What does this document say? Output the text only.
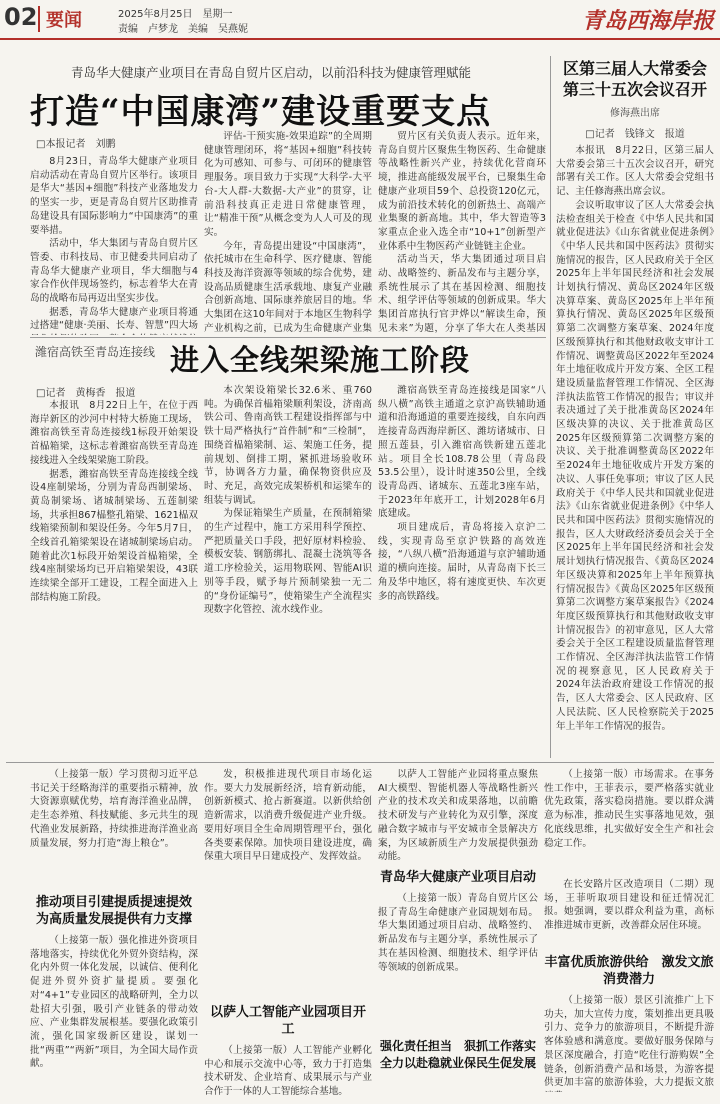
02 要闻	2025年8月25日　星期一
责编　卢梦龙　美编　吴燕妮	青岛西海岸报
青岛华大健康产业项目在青岛自贸片区启动，以前沿科技为健康管理赋能
打造“中国康湾”建设重要支点
□本报记者　刘鹏

8月23日，青岛华大健康产业项目启动活动在青岛自贸片区举行。该项目是华大“基因+细胞”科技产业落地发力的坚实一步，更是青岛自贸片区助推青岛建设具有国际影响力“中国康湾”的重要举措。

活动中，华大集团与青岛自贸片区管委、市科技局、市卫健委共同启动了青岛华大健康产业项目，华大细胞与4家合作伙伴现场签约，标志着华大在青岛的战略布局再迈出坚实步伐。

据悉，青岛华大健康产业项目将通过搭建“健康·美丽、长寿、智慧”四大场

评估-干预实施-效果追踪”的全周期健康管理闭环，将“基因+细胞”科技转化为可感知、可参与、可闭环的健康管理服务。项目致力于实现“大科学-大平台-大人群-大数据-大产业”的贯穿，让前沿科技真正走进日常健康管理，让“精准干预”从概念变为人人可及的现实。

今年，青岛提出建设“中国康湾”，依托城市在生命科学、医疗健康、智能科技及海洋资源等领域的综合优势，建设高品质健康生活承载地、康复产业融合创新高地、国际康养旅居目的地。华大集团在这10年间对于本地区生物科学产业机构之前，已成为生命健康产业集

贸片区有关负责人表示。近年来，青岛自贸片区聚焦生物医药、生命健康等战略性新兴产业，持续优化营商环境，推进高能级发展平台，已聚集生命健康产业项目59个、总投资120亿元，成为前沿技术转化的创新热土、高端产业集聚的新高地。其中，华大智造等3家重点企业入选全市“10+1”创新型产业体系中生物医药产业链链主企业。

活动当天，华大集团通过项目启动、战略签约、新品发布与主题分享，系统性展示了其在基因检测、细胞技术、组学评估等领域的创新成果。华大集团首席执行官尹烨以“解读生命，预见未来”为题，分享了华大在人类基因

区第三届人大常委会第三十五次会议召开
修海燕出席
□记者　钱锋文　报道

本报讯　8月22日，区第三届人大常委会第三十五次会议召开，研究部署有关工作。区人大常委会党组书记、主任修海燕出席会议。

会议听取审议了区人大常委会执法检查组关于检查《中华人民共和国就业促进法》《山东省就业促进条例》《中华人民共和国中医药法》贯彻实施情况的报告，区人民政府关于全区2025年上半年国民经济和社会发展计划执行情况、黄岛区2024年区级决算草案、黄岛区2025年上半年预算执行情况、黄岛区2025年区级预算第二次调整方案草案、2024年度区级预算执行和其他财政收支审计工作情况、调整黄岛区2022年至2024年土地征收成片开发方案、全区工程建设质量监督管理工作情况、全区海洋执法监管工作情况的报告；审议并表决通过了关于批准黄岛区2024年区级决算的决议、关于批准黄岛区2025年区级预算第二次调整方案的决议、关于批准调整黄岛区2022年至2024年土地征收成片开发方案的决议、人事任免事项；审议了区人民政府关于《中华人民共和国就业促进法》《山东省就业促进条例》《中华人民共和国中医药法》贯彻实施情况的报告，区人大财政经济委员会关于全区2025年上半年国民经济和社会发展计划执行情况报告、《黄岛区2024年区级决算和2025年上半年预算执行情况报告》《黄岛区2025年区级预算第二次调整方案草案报告》《2024年度区级预算执行和其他财政收支审计情况报告》的初审意见，区人大常委会关于全区工程建设质量监督管理工作情况、全区海洋执法监管工作情况的视察意见，区人民政府关于2024年法治政府建设工作情况的报告，区人大常委会、区人民政府、区人民法院、区人民检察院关于2025年上半年工作情况的报告。

潍宿高铁至青岛连接线 进入全线架梁施工阶段
□记者　黄梅香　报道

本报讯　8月22日上午，在位于西海岸新区的沙河中村特大桥施工现场，潍宿高铁至青岛连接线1标段开始架设首榀箱梁，这标志着潍宿高铁至青岛连接线进入全线架梁施工阶段。

据悉，潍宿高铁至青岛连接线全线设4座制梁场，分别为青岛西制梁场、黄岛制梁场、诸城制梁场、五莲制梁场，共承担867榀整孔箱梁、1621榀双线箱梁预制和架设任务。今年5月7日，全线首孔箱梁架设在诸城制梁场启动。随着此次1标段开始架设首榀箱梁，全线4座制梁场均已开启箱梁架设，43联连续梁全部开工建设，工程全面进入上部结构施工阶段。

本次架设箱梁长32.6米、重760吨。为确保首榀箱梁顺利架设，济南高铁公司、鲁南高铁工程建设指挥部与中铁十局严格执行“首件制”和“三检制”，围绕首榀箱梁制、运、架施工任务，提前规划、倒排工期，紧抓进场验收环节，协调各方力量，确保物资供应及时、充足，高效完成架桥机和运梁车的组装与调试。

为保证箱梁生产质量，在预制箱梁的生产过程中，施工方采用科学预控、严把质量关口手段，把好原材料检验、模板安装、钢筋绑扎、混凝土浇筑等各道工序检验关，运用物联网、智能AI识别等手段，赋予每片预制梁独一无二的“身份证编号”，使箱梁生产全流程实现数字化管控、流水线作业。

潍宿高铁至青岛连接线是国家“八纵八横”高铁主通道之京沪高铁辅助通道和沿海通道的重要连接线，自东向西连接青岛西海岸新区、潍坊诸城市、日照五莲县，引入潍宿高铁新建五莲北站。项目全长108.78公里（青岛段53.5公里），设计时速350公里，全线设青岛西、诸城东、五莲北3座车站，于2023年年底开工，计划2028年6月底建成。

项目建成后，青岛将接入京沪二线，实现青岛至京沪铁路的高效连接，“八纵八横”沿海通道与京沪辅助通道的横向连接。届时，从青岛南下长三角及华中地区，将有速度更快、车次更多的高铁路线。

（上接第一版）学习贯彻习近平总书记关于经略海洋的重要指示精神，放大资源禀赋优势，培育海洋渔业品牌，走生态养殖、科技赋能、多元共生的现代渔业发展新路，持续推进海洋渔业高质量发展，努力打造“海上粮仓”。

推动项目引建提质提速提效　为高质量发展提供有力支撑

（上接第一版）强化推进外资项目落地落实，持续优化外贸外资结构，深化内外贸一体化发展，以诚信、便利化促进外贸外资扩量提质。要强化对“4+1”专业园区的战略研判，全力以赴招大引强，吸引产业链条的带动效应、产业集群发展根基。要强化政策引流，强化国家级新区建设，谋划一批“两重”“两新”项目，为全国大局作贡献。

发，积极推进现代项目市场化运作。要大力发展新经济，培育新动能，创新新模式、抢占新赛道。以新供给创造新需求，以消费升级促进产业升级。要用好项目全生命周期管理平台，强化各类要素保障。加快项目建设进度，确保重大项目早日建成投产、发挥效益。

以萨人工智能产业园项目开工

（上接第一版）人工智能产业孵化中心和展示交流中心等，致力于打造集技术研发、企业培育、成果展示与产业合作于一体的人工智能综合基地。

以萨人工智能产业园将重点聚焦AI大模型、智能机器人等战略性新兴产业的技术攻关和成果落地，以前瞻技术研发与产业转化为双引擎，深度融合数字城市与平安城市全景解决方案，为区域新质生产力发展提供强劲动能。

青岛华大健康产业项目启动

（上接第一版）青岛自贸片区公报了青岛生命健康产业园规划布局。华大集团通过项目启动、战略签约、新品发布与主题分享，系统性展示了其在基因检测、细胞技术、组学评估等领域的创新成果。

强化责任担当　狠抓工作落实　全力以赴稳就业保民生促发展

（上接第一版）市场需求。在事务性工作中，王菲表示，要严格落实就业优先政策，落实稳岗措施。要以群众满意为标准，推动民生实事落地见效，强化底线思维，扎实做好安全生产和社会稳定工作。

在长安路片区改造项目（二期）现场，王菲听取项目建设和征迁情况汇报。她强调，要以群众利益为重，高标准推进城市更新，改善群众居住环境。

丰富优质旅游供给　激发文旅消费潜力

（上接第一版）景区引流推广上下功夫，加大宣传力度，策划推出更具吸引力、竞争力的旅游项目，不断提升游客体验感和满意度。要做好服务保障与景区深度融合，打造“吃住行游购娱”全链条，创新消费产品和场景，为游客提供更加丰富的旅游体验，大力提振文旅
